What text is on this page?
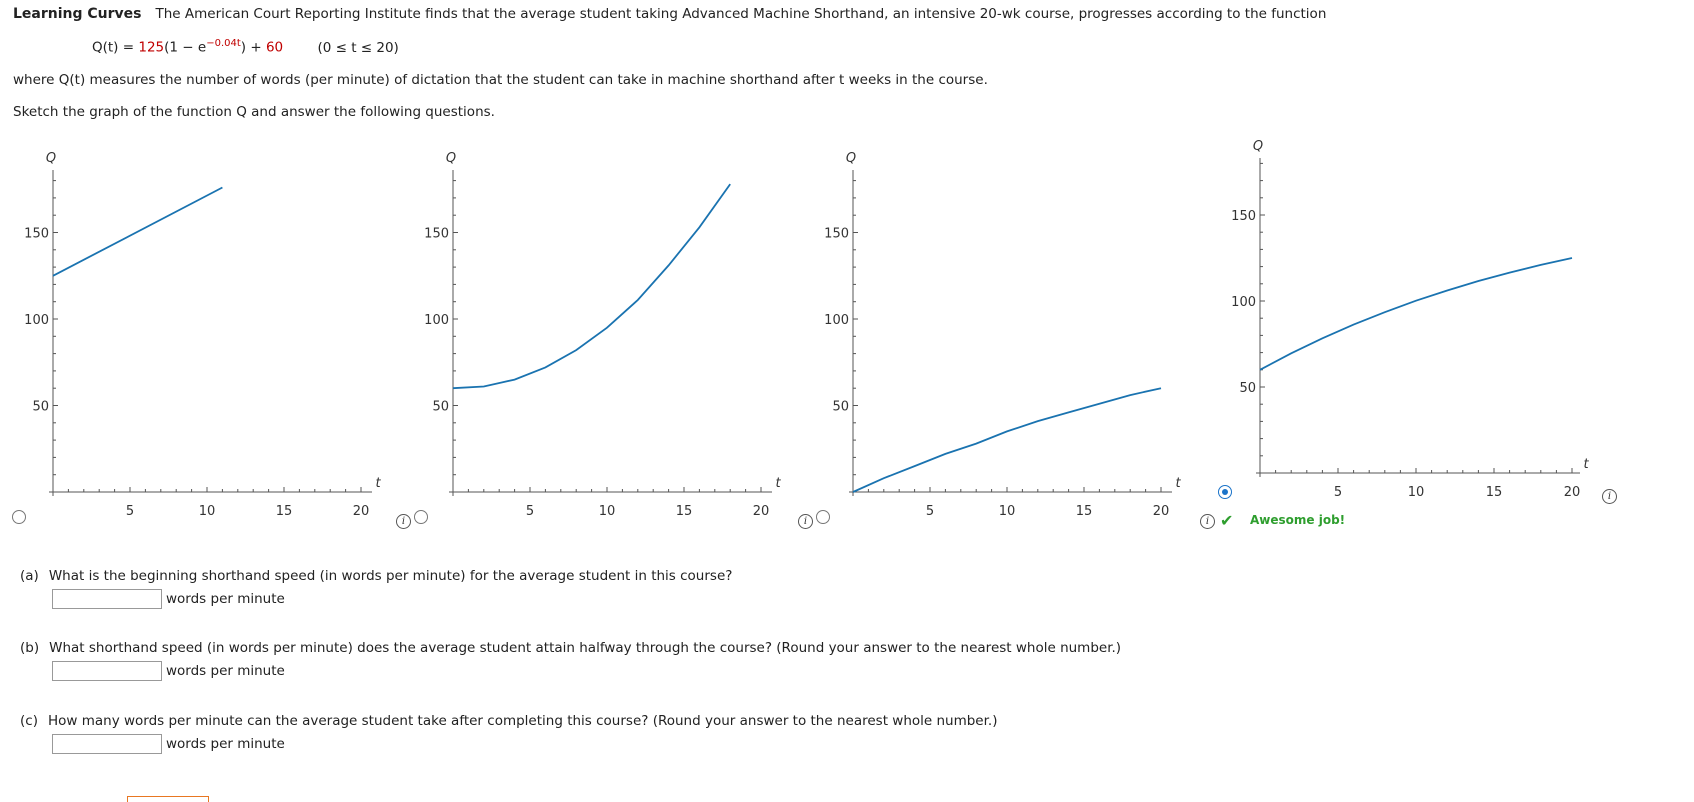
Learning Curves The American Court Reporting Institute finds that the average student taking Advanced Machine Shorthand, an intensive 20-wk course, progresses according to the function
$Q(t) = 125(1 - e^{-0.04t}) + 60$	(0 ≤ t ≤ 20)
where Q(t) measures the number of words (per minute) of dictation that the student can take in machine shorthand after t weeks in the course.
Sketch the graph of the function Q and answer the following questions.
i	i	i ✔ Awesome job!
i
150
100
50
5	10	15	20
Q
t
150
100
50
5	10	15	20
Q
t
150
100
50
5	10	15	20
Q
t
150
100
50
5	10	15	20
Q
t
(a) What is the beginning shorthand speed (in words per minute) for the average student in this course?
words per minute
(b) What shorthand speed (in words per minute) does the average student attain halfway through the course? (Round your answer to the nearest whole number.)
words per minute
(c) How many words per minute can the average student take after completing this course? (Round your answer to the nearest whole number.)
words per minute
